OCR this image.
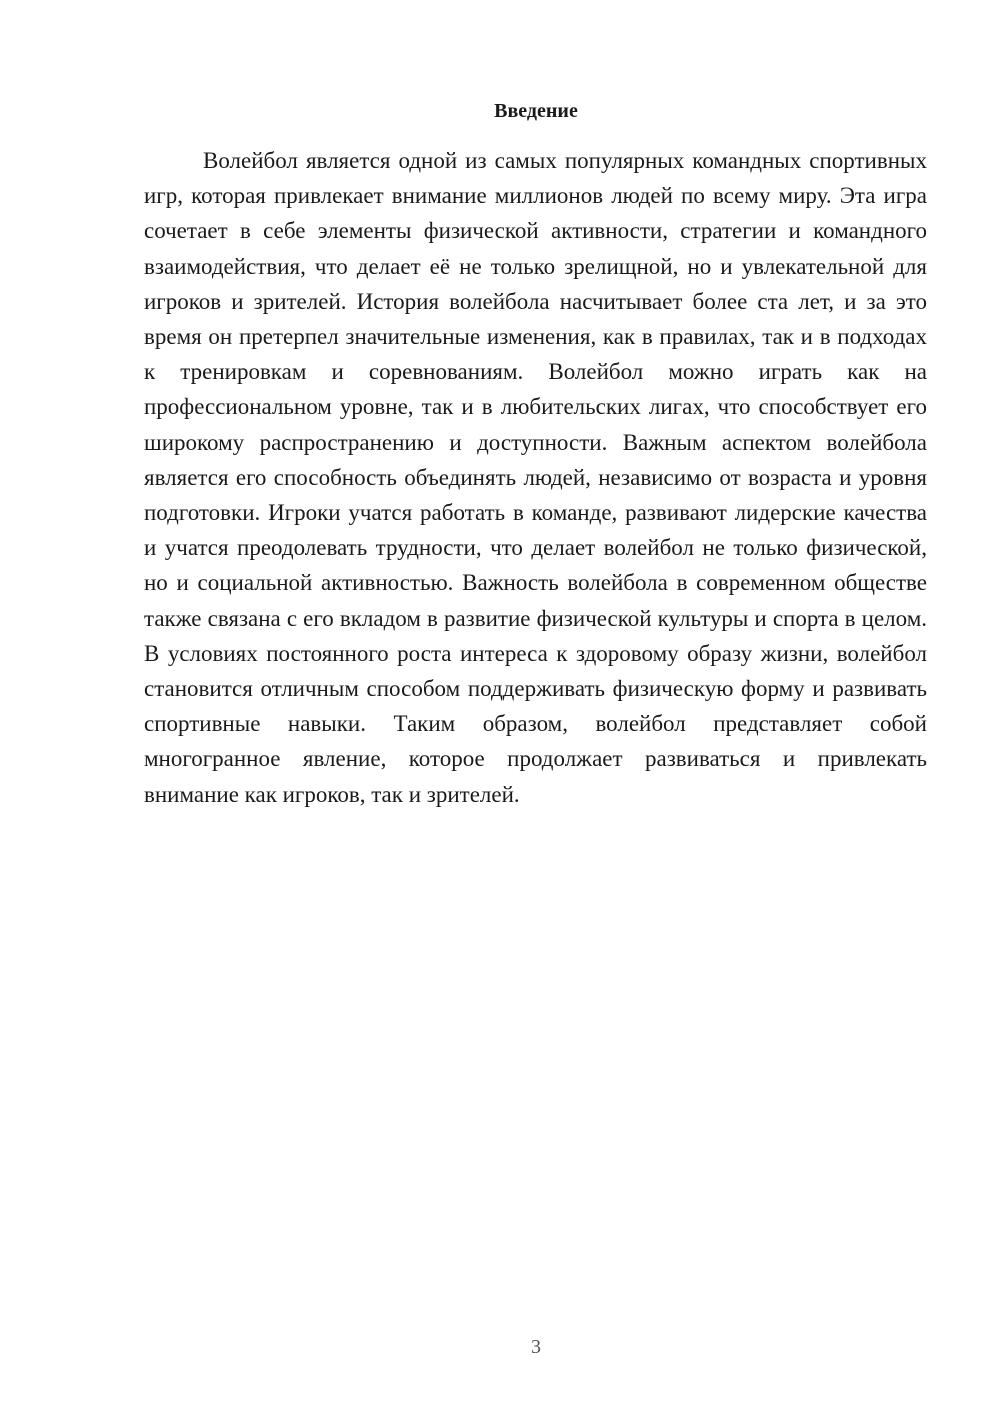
Введение

Волейбол является одной из самых популярных командных спортивных игр, которая привлекает внимание миллионов людей по всему миру. Эта игра сочетает в себе элементы физической активности, стратегии и командного взаимодействия, что делает её не только зрелищной, но и увлекательной для игроков и зрителей. История волейбола насчитывает более ста лет, и за это время он претерпел значительные изменения, как в правилах, так и в подходах к тренировкам и соревнованиям. Волейбол можно играть как на профессиональном уровне, так и в любительских лигах, что способствует его широкому распространению и доступности. Важным аспектом волейбола является его способность объединять людей, независимо от возраста и уровня подготовки. Игроки учатся работать в команде, развивают лидерские качества и учатся преодолевать трудности, что делает волейбол не только физической, но и социальной активностью. Важность волейбола в современном обществе также связана с его вкладом в развитие физической культуры и спорта в целом. В условиях постоянного роста интереса к здоровому образу жизни, волейбол становится отличным способом поддерживать физическую форму и развивать спортивные навыки. Таким образом, волейбол представляет собой многогранное явление, которое продолжает развиваться и привлекать внимание как игроков, так и зрителей.

3
